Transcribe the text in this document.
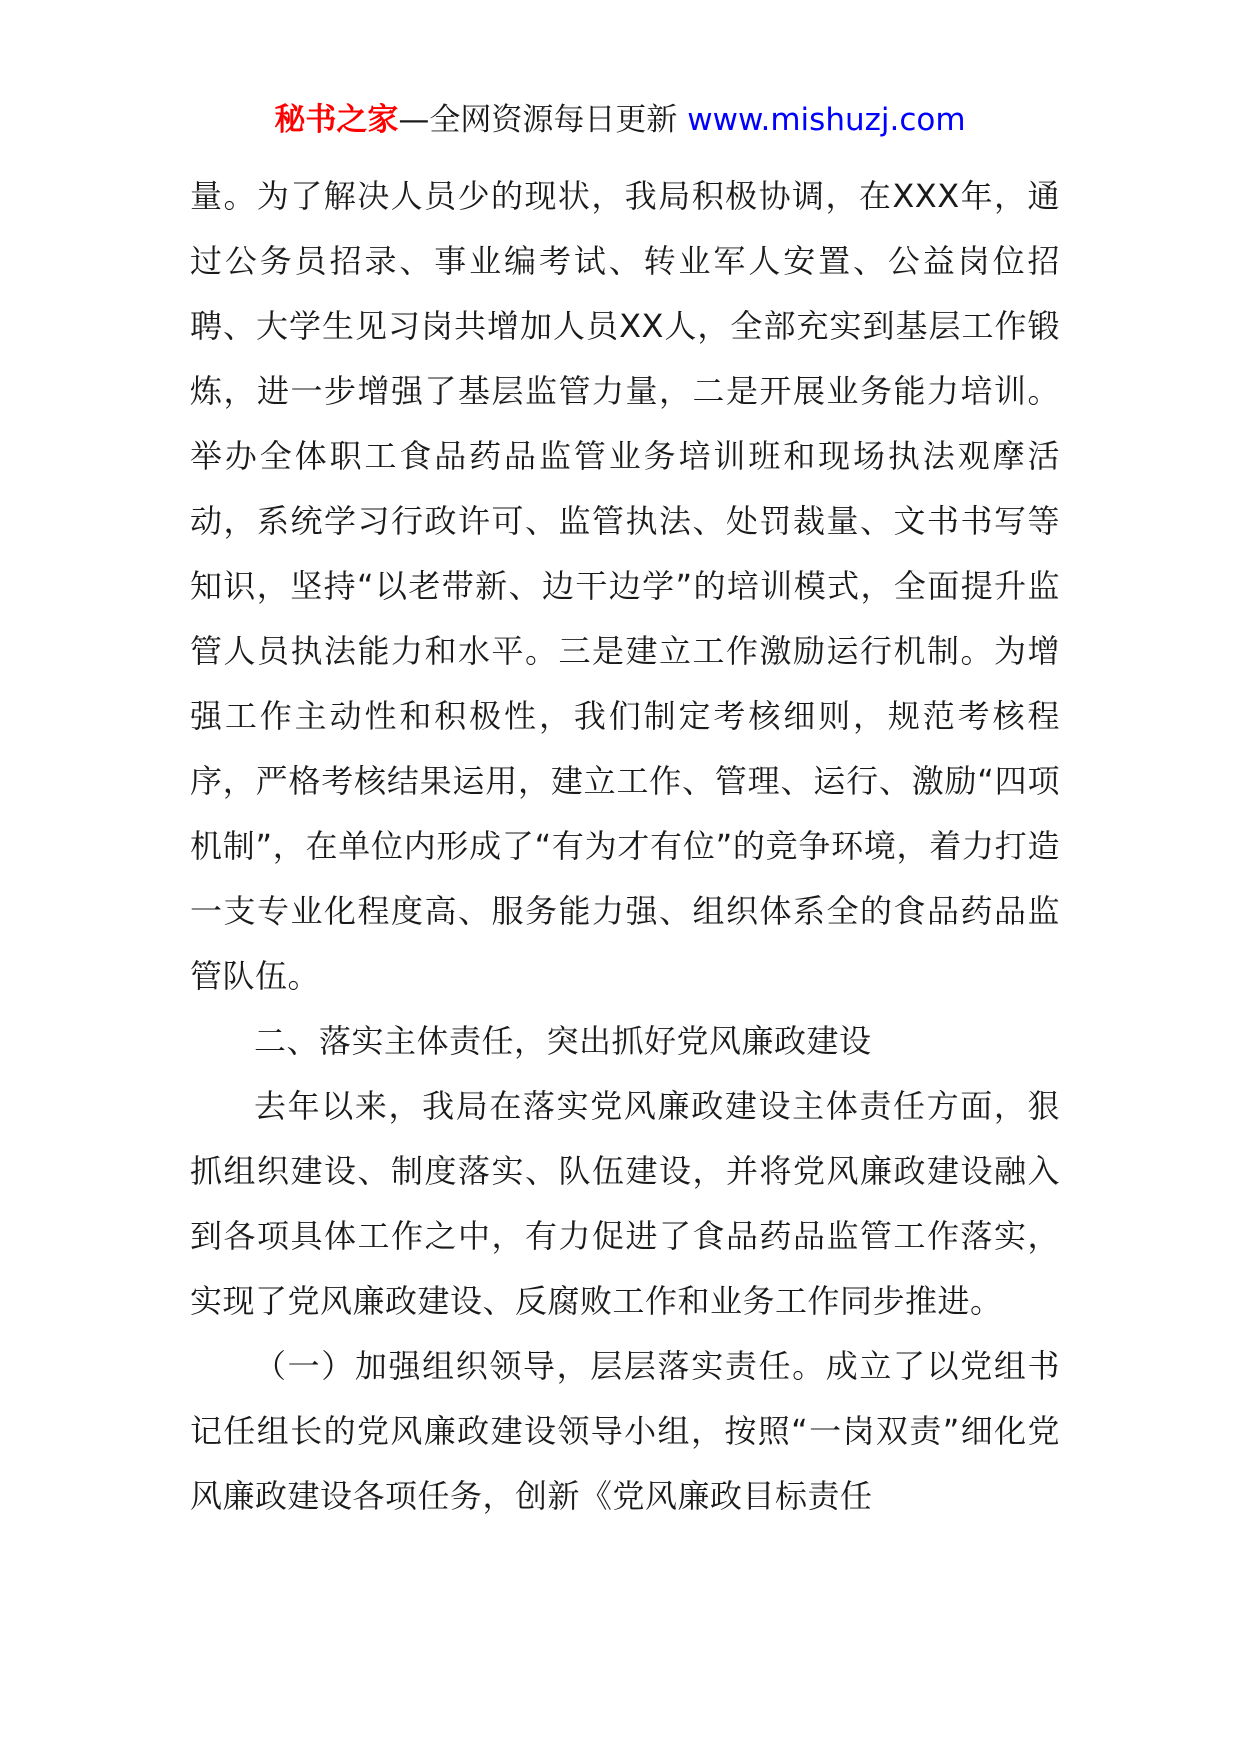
秘书之家—全网资源每日更新 www.mishuzj.com

量。为了解决人员少的现状，我局积极协调，在XXX年，通过公务员招录、事业编考试、转业军人安置、公益岗位招聘、大学生见习岗共增加人员XX人，全部充实到基层工作锻炼，进一步增强了基层监管力量，二是开展业务能力培训。举办全体职工食品药品监管业务培训班和现场执法观摩活动，系统学习行政许可、监管执法、处罚裁量、文书书写等知识，坚持“以老带新、边干边学”的培训模式，全面提升监管人员执法能力和水平。三是建立工作激励运行机制。为增强工作主动性和积极性，我们制定考核细则，规范考核程序，严格考核结果运用，建立工作、管理、运行、激励“四项机制”，在单位内形成了“有为才有位”的竞争环境，着力打造一支专业化程度高、服务能力强、组织体系全的食品药品监管队伍。

二、落实主体责任，突出抓好党风廉政建设

去年以来，我局在落实党风廉政建设主体责任方面，狠抓组织建设、制度落实、队伍建设，并将党风廉政建设融入到各项具体工作之中，有力促进了食品药品监管工作落实，实现了党风廉政建设、反腐败工作和业务工作同步推进。

（一）加强组织领导，层层落实责任。成立了以党组书记任组长的党风廉政建设领导小组，按照“一岗双责”细化党风廉政建设各项任务，创新《党风廉政目标责任
